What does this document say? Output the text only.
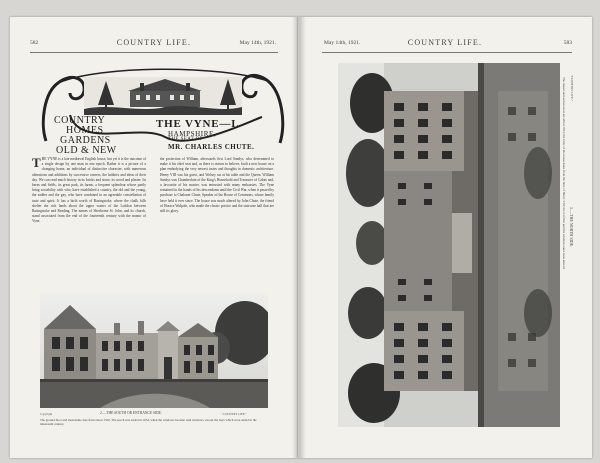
582	COUNTRY LIFE.	May 14th, 1921.
COUNTRY
HOMES
GARDENS
OLD & NEW
THE VYNE—I.
HAMPSHIRE,
THE SEAT OF
MR. CHARLES CHUTE.

THE VYNE is a late mediæval English house, but yet it is the outcome of a single design by one man in one epoch. Rather it is a picture of a changing home, an individual of distinctive character, with numerous alterations and additions by successive owners, the hobbies and ideas of their day. We can read much history in its bricks and stone, its wood and plaster. Its barns and fields, its great park, its farms, a frequent splendour whose partly bring sociability with who, have established a country, the old and the young, the sadder and the gay, who have combined in an agreeable constellation of taste and spirit. It has a birth worth of Basingstoke, where the chalk hills shelter the rich lands about the upper waters of the Loddon between Basingstoke and Reading. The names of Sherborne St. John, and its church, stand associated from the end of the fourteenth century with the manor of Vyne.

the protection of William, afterwards first Lord Sandys, who determined to make it his chief seat and, as there is reason to believe, built a new house on a plan embodying the very newest tastes and thoughts in domestic architecture. Henry VIII was his guest, and Wolsey sat at his table and the Queen. William Sandys was Chamberlain of the King's Household and Treasurer of Calais and, a favourite of his master, was entrusted with many embassies. The Vyne remained in the hands of his descendants until the Civil War, when it passed by purchase to Chaloner Chute, Speaker of the House of Commons, whose family have held it ever since. The house was much altered by John Chute, the friend of Horace Walpole, who made the classic portico and the staircase hall that are still its glory.

Copyright	2.—THE SOUTH OR ENTRANCE SIDE.	"COUNTRY LIFE."
The ground floor and mezzanine date from about 1520. The porch was added in 1654, when the windows became sash windows, except the bays which were added in the nineteenth century.
May 14th, 1921.	COUNTRY LIFE.	583
"COUNTRY LIFE."
1.—THE NORTH SIDE.
The classic and semi-towers are about 1654; the body of the house dates from the time of Henry VIII; the roof line and the windows have been altered.
